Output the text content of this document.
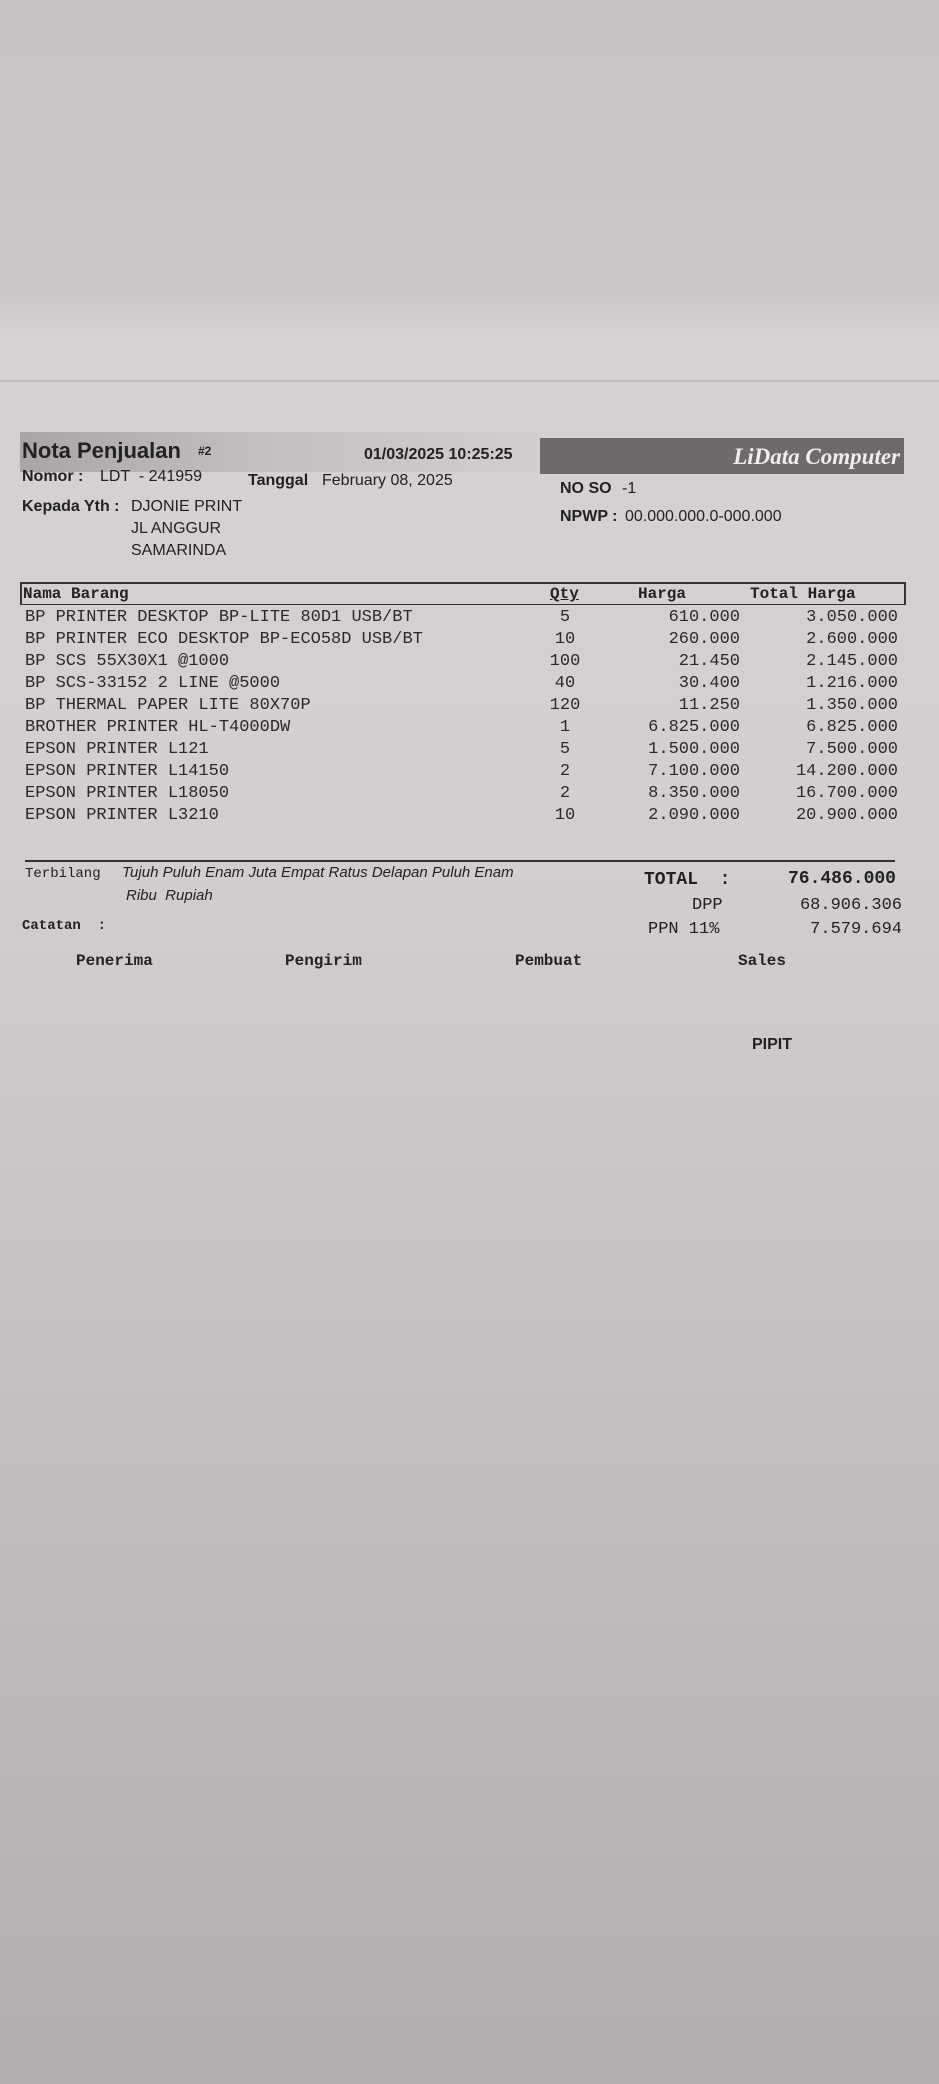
Nota Penjualan #2	01/03/2025 10:25:25	LiData Computer
Nomor : LDT  - 241959	Tanggal February 08, 2025	NO SO -1
Kepada Yth : DJONIE PRINT
JL ANGGUR
SAMARINDA
NPWP : 00.000.000.0-000.000
Nama Barang	Qty	Harga	Total Harga
BP PRINTER DESKTOP BP-LITE 80D1 USB/BT	5	610.000	3.050.000
BP PRINTER ECO DESKTOP BP-ECO58D USB/BT	10	260.000	2.600.000
BP SCS 55X30X1 @1000	100	21.450	2.145.000
BP SCS-33152 2 LINE @5000	40	30.400	1.216.000
BP THERMAL PAPER LITE 80X70P	120	11.250	1.350.000
BROTHER PRINTER HL-T4000DW	1	6.825.000	6.825.000
EPSON PRINTER L121	5	1.500.000	7.500.000
EPSON PRINTER L14150	2	7.100.000	14.200.000
EPSON PRINTER L18050	2	8.350.000	16.700.000
EPSON PRINTER L3210	10	2.090.000	20.900.000
Terbilang Tujuh Puluh Enam Juta Empat Ratus Delapan Puluh Enam
Ribu  Rupiah
TOTAL  :	76.486.000
DPP	68.906.306
Catatan  :	PPN 11%	7.579.694
Penerima	Pengirim	Pembuat	Sales
PIPIT
